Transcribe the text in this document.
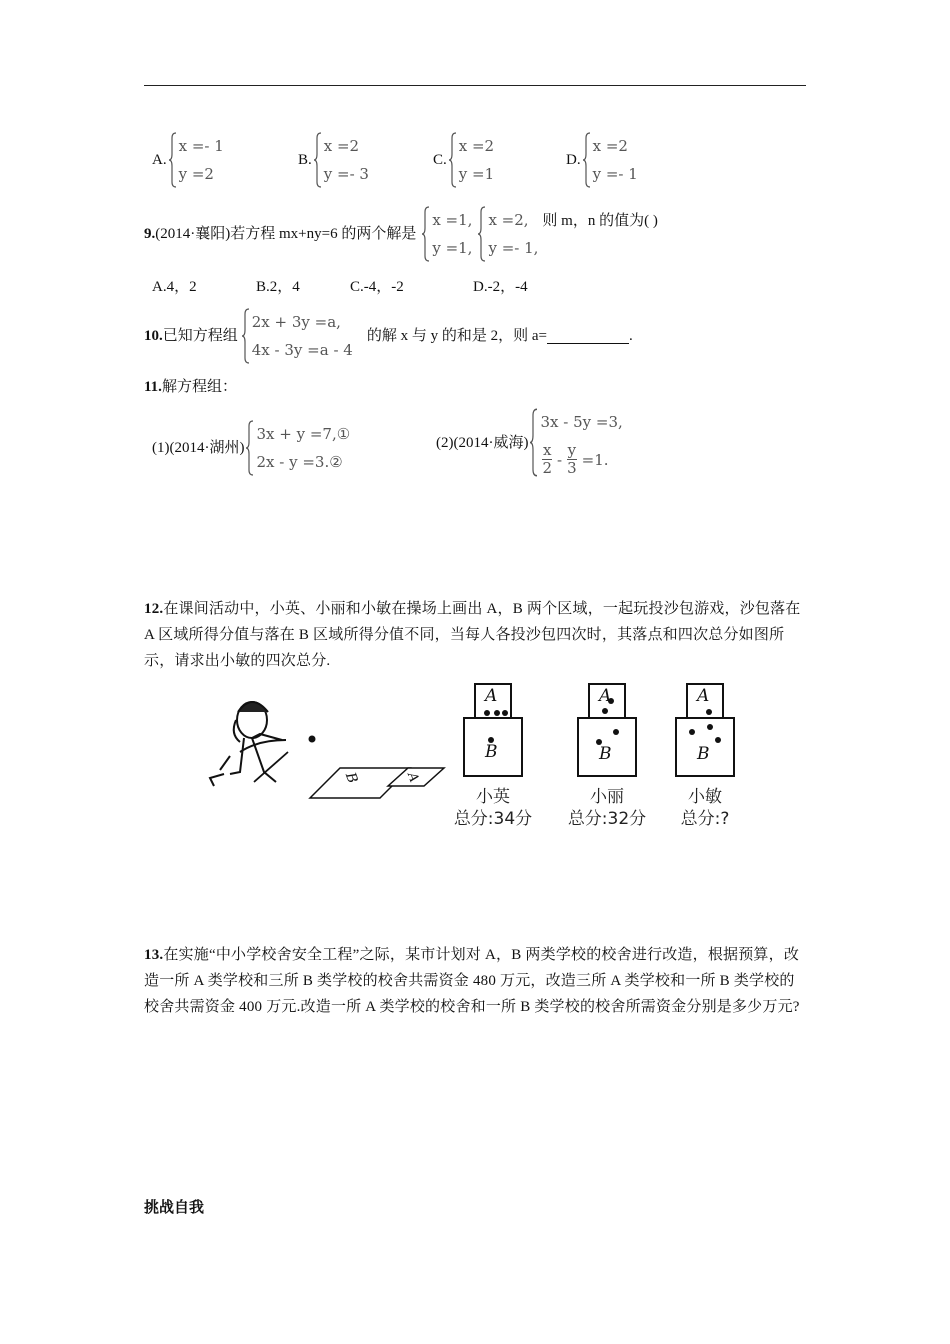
A.
x =- 1
y =2
B.
x =2
y =- 3
C.
x =2
y =1
D.
x =2
y =- 1
9. (2014·襄阳)若方程 mx+ny=6 的两个解是
x =1,
y =1,
x =2,
y =- 1,
则 m，n 的值为( )
A.4，2	B.2，4	C.-4，-2	D.-2，-4
10. 已知方程组
2x + 3y =a,
4x - 3y =a - 4
的解 x 与 y 的和是 2，则 a=	.
11.解方程组：
(1)(2014·湖州)
3x + y =7,①
2x - y =3.②
(2)(2014·威海)
3x - 5y =3,
$\frac{x}{2} - \frac{y}{3} =1$.
12.在课间活动中，小英、小丽和小敏在操场上画出 A，B 两个区域，一起玩投沙包游戏，沙包落在 A 区域所得分值与落在 B 区域所得分值不同，当每人各投沙包四次时，其落点和四次总分如图所示，请求出小敏的四次总分.
B	A
A
B
A
B
A
B
小英
总分:34分
小丽
总分:32分
小敏
总分:?
13.在实施“中小学校舍安全工程”之际，某市计划对 A，B 两类学校的校舍进行改造，根据预算，改造一所 A 类学校和三所 B 类学校的校舍共需资金 480 万元，改造三所 A 类学校和一所 B 类学校的校舍共需资金 400 万元.改造一所 A 类学校的校舍和一所 B 类学校的校舍所需资金分别是多少万元?
挑战自我
